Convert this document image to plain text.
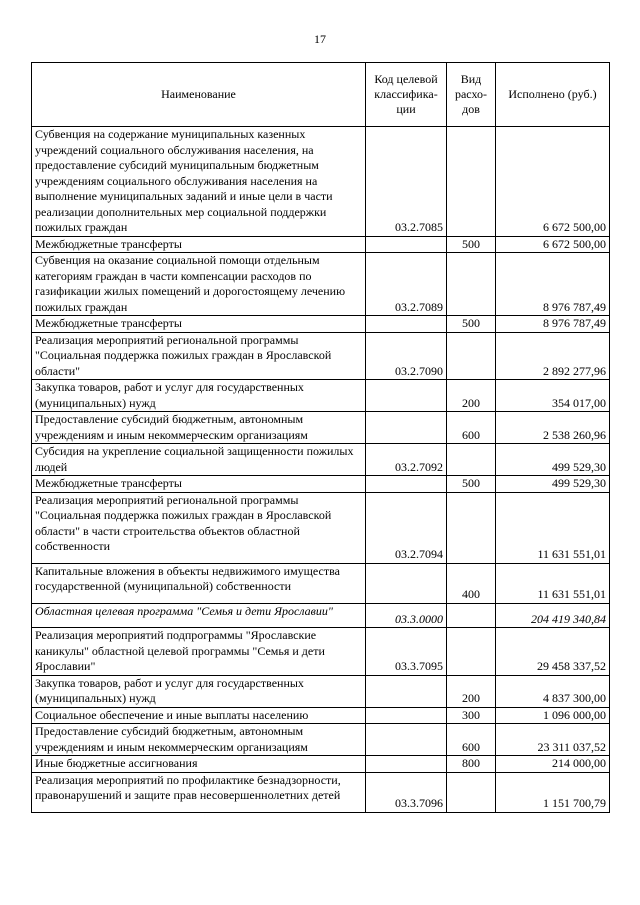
17
Наименование	Код целевой классифика-ции	Вид расхо-дов	Исполнено (руб.)
Субвенция на содержание муниципальных казенных учреждений социального обслуживания населения, на предоставление субсидий муниципальным бюджетным учреждениям социального обслуживания населения на выполнение муниципальных заданий и иные цели в части реализации дополнительных мер социальной поддержки пожилых граждан	03.2.7085		6 672 500,00
Межбюджетные трансферты		500	6 672 500,00
Субвенция на оказание социальной помощи отдельным категориям граждан в части компенсации расходов по газификации жилых помещений и дорогостоящему лечению пожилых граждан	03.2.7089		8 976 787,49
Межбюджетные трансферты		500	8 976 787,49
Реализация мероприятий региональной программы "Социальная поддержка пожилых граждан в Ярославской области"	03.2.7090		2 892 277,96
Закупка товаров, работ и услуг для государственных (муниципальных) нужд		200	354 017,00
Предоставление субсидий бюджетным, автономным учреждениям и иным некоммерческим организациям		600	2 538 260,96
Субсидия на укрепление социальной защищенности пожилых людей	03.2.7092		499 529,30
Межбюджетные трансферты		500	499 529,30
Реализация мероприятий региональной программы "Социальная поддержка пожилых граждан в Ярославской области" в части строительства объектов областной собственности	03.2.7094		11 631 551,01
Капитальные вложения в объекты недвижимого имущества государственной (муниципальной) собственности		400	11 631 551,01
Областная целевая программа "Семья и дети Ярославии"	03.3.0000		204 419 340,84
Реализация мероприятий подпрограммы "Ярославские каникулы" областной целевой программы "Семья и дети Ярославии"	03.3.7095		29 458 337,52
Закупка товаров, работ и услуг для государственных (муниципальных) нужд		200	4 837 300,00
Социальное обеспечение и иные выплаты населению		300	1 096 000,00
Предоставление субсидий бюджетным, автономным учреждениям и иным некоммерческим организациям		600	23 311 037,52
Иные бюджетные ассигнования		800	214 000,00
Реализация мероприятий по профилактике безнадзорности, правонарушений и защите прав несовершеннолетних детей	03.3.7096		1 151 700,79
